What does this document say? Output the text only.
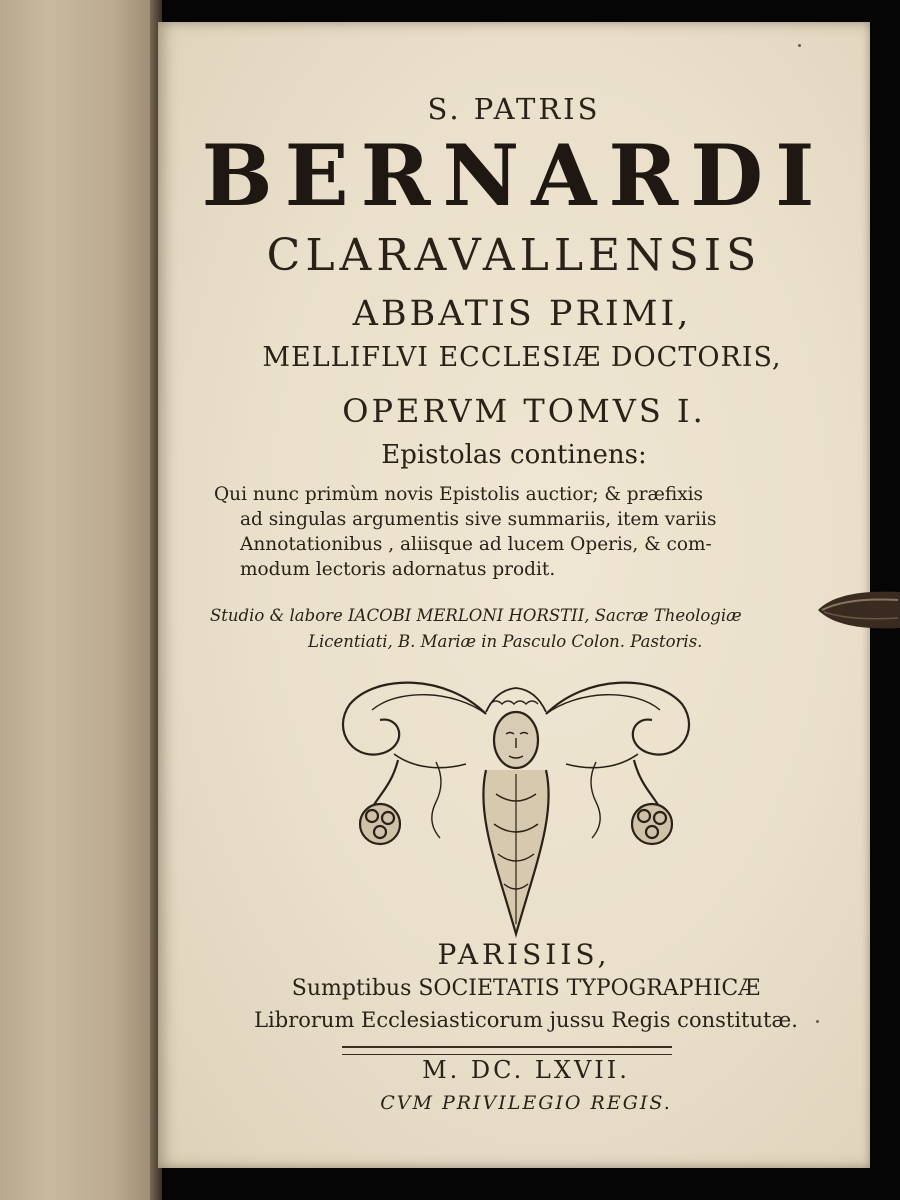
S. PATRIS
BERNARDI
CLARAVALLENSIS
ABBATIS PRIMI,
MELLIFLVI ECCLESIÆ DOCTORIS,
OPERVM TOMVS I.
Epistolas continens:
Qui nunc primùm novis Epistolis auctior; & præfixis
ad singulas argumentis sive summariis, item variis
Annotationibus , aliisque ad lucem Operis, & com-
modum lectoris adornatus prodit.
Studio & labore IACOBI MERLONI HORSTII, Sacræ Theologiæ
Licentiati, B. Mariæ in Pasculo Colon. Pastoris.
PARISIIS,
Sumptibus SOCIETATIS TYPOGRAPHICÆ
Librorum Ecclesiasticorum jussu Regis constitutæ.
M. DC. LXVII.
CVM PRIVILEGIO REGIS.
